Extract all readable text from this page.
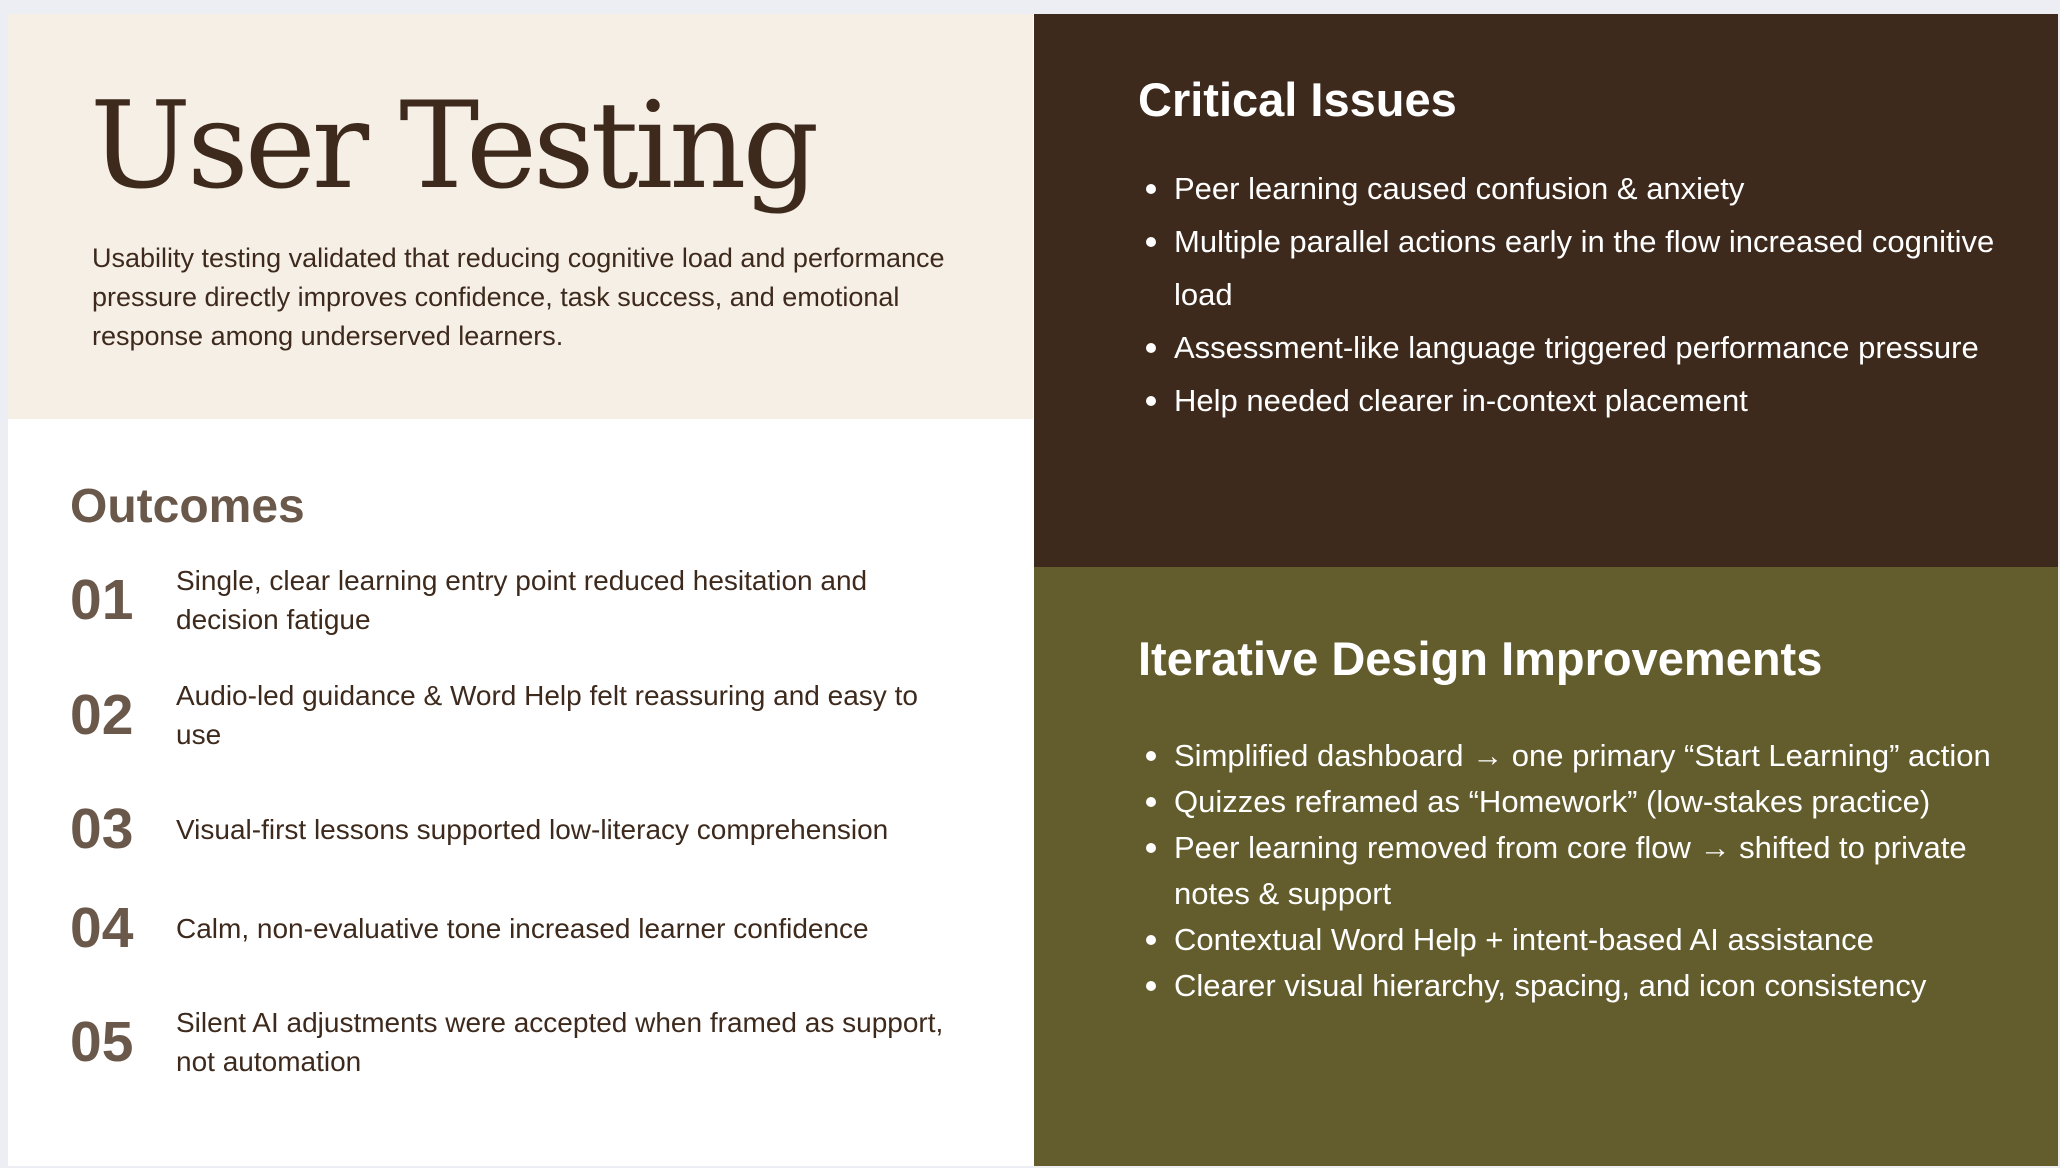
User Testing

Usability testing validated that reducing cognitive load and performance pressure directly improves confidence, task success, and emotional response among underserved learners.

Outcomes
01	Single, clear learning entry point reduced hesitation and decision fatigue
02	Audio-led guidance & Word Help felt reassuring and easy to use
03	Visual-first lessons supported low-literacy comprehension
04	Calm, non-evaluative tone increased learner confidence
05	Silent AI adjustments were accepted when framed as support, not automation
Critical Issues
Peer learning caused confusion & anxiety
Multiple parallel actions early in the flow increased cognitive load
Assessment-like language triggered performance pressure
Help needed clearer in-context placement
Iterative Design Improvements
Simplified dashboard → one primary “Start Learning” action
Quizzes reframed as “Homework” (low-stakes practice)
Peer learning removed from core flow → shifted to private notes & support
Contextual Word Help + intent-based AI assistance
Clearer visual hierarchy, spacing, and icon consistency
